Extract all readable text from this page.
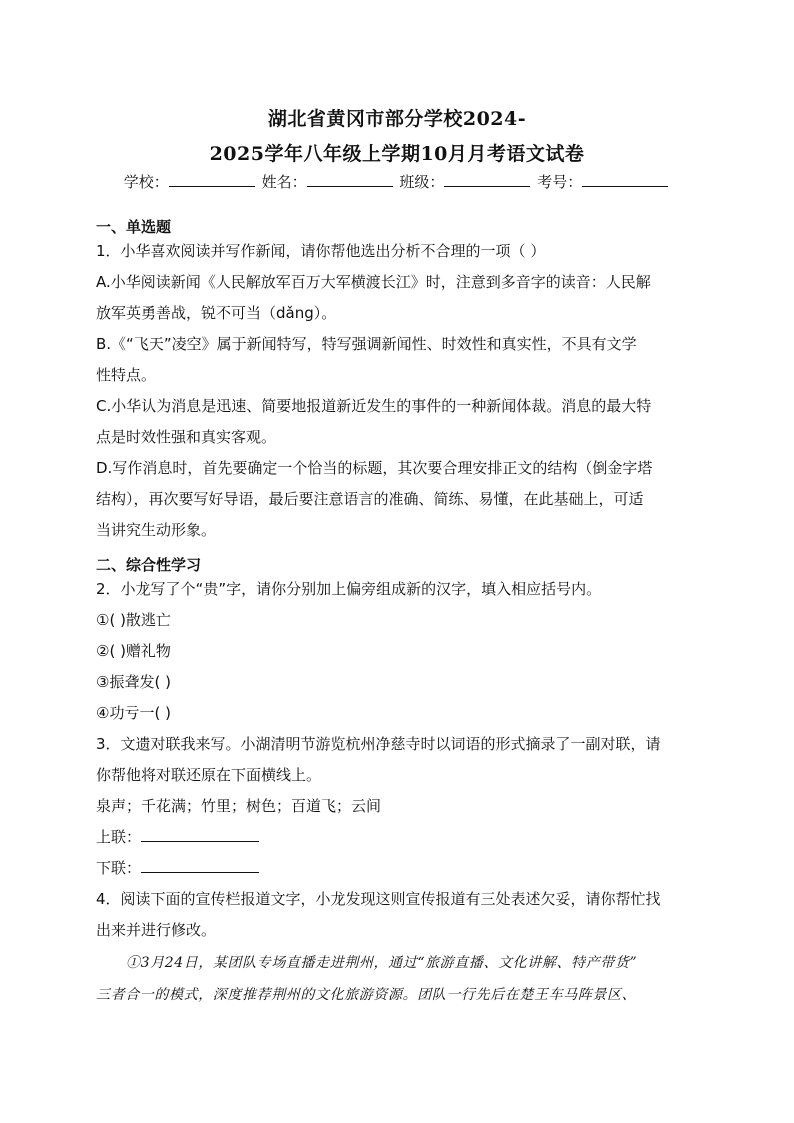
湖北省黄冈市部分学校2024-
2025学年八年级上学期10月月考语文试卷
学校：	姓名：	班级：	考号：
一、单选题
1．小华喜欢阅读并写作新闻，请你帮他选出分析不合理的一项（ ）
A.小华阅读新闻《人民解放军百万大军横渡长江》时，注意到多音字的读音：人民解
放军英勇善战，锐不可当（dǎng）。
B.《“飞天”凌空》属于新闻特写，特写强调新闻性、时效性和真实性，不具有文学
性特点。
C.小华认为消息是迅速、简要地报道新近发生的事件的一种新闻体裁。消息的最大特
点是时效性强和真实客观。
D.写作消息时，首先要确定一个恰当的标题，其次要合理安排正文的结构（倒金字塔
结构），再次要写好导语，最后要注意语言的准确、简练、易懂，在此基础上，可适
当讲究生动形象。
二、综合性学习
2．小龙写了个“贵”字，请你分别加上偏旁组成新的汉字，填入相应括号内。
①( )散逃亡
②( )赠礼物
③振聋发( )
④功亏一( )
3．文遗对联我来写。小湖清明节游览杭州净慈寺时以词语的形式摘录了一副对联，请
你帮他将对联还原在下面横线上。
泉声；千花满；竹里；树色；百道飞；云间
上联：
下联：
4．阅读下面的宣传栏报道文字，小龙发现这则宣传报道有三处表述欠妥，请你帮忙找
出来并进行修改。
①3月24日，某团队专场直播走进荆州，通过“旅游直播、文化讲解、特产带货”
三者合一的模式，深度推荐荆州的文化旅游资源。团队一行先后在楚王车马阵景区、
